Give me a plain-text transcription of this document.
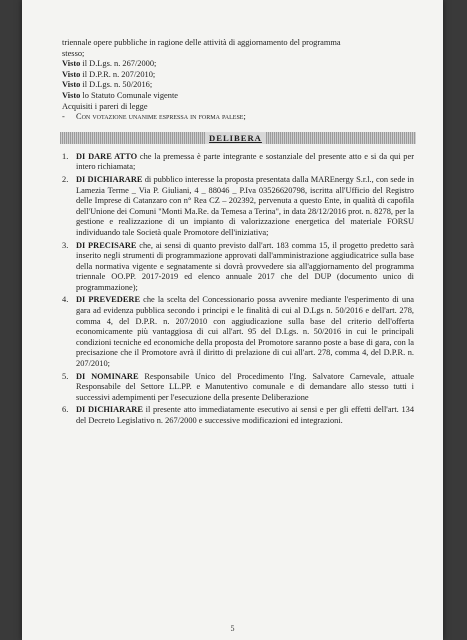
triennale opere pubbliche in ragione delle attività di aggiornamento del programma

stesso;

Visto il D.Lgs. n. 267/2000;

Visto il D.P.R. n. 207/2010;

Visto il D.Lgs. n. 50/2016;

Visto lo Statuto Comunale vigente

Acquisiti i pareri di legge

- Con votazione unanime espressa in forma palese;

DELIBERA
1. DI DARE ATTO che la premessa è parte integrante e sostanziale del presente atto e si da qui per intero richiamata;
2. DI DICHIARARE di pubblico interesse la proposta presentata dalla MAREnergy S.r.l., con sede in Lamezia Terme _ Via P. Giuliani, 4 _ 88046 _ P.Iva 03526620798, iscritta all'Ufficio del Registro delle Imprese di Catanzaro con n° Rea CZ – 202392, pervenuta a questo Ente, in qualità di capofila dell'Unione dei Comuni "Monti Ma.Re. da Temesa a Terina", in data 28/12/2016 prot. n. 8278, per la gestione e realizzazione di un impianto di valorizzazione energetica del materiale FORSU individuando tale Società quale Promotore dell'iniziativa;
3. DI PRECISARE che, ai sensi di quanto previsto dall'art. 183 comma 15, il progetto predetto sarà inserito negli strumenti di programmazione approvati dall'amministrazione aggiudicatrice sulla base della normativa vigente e segnatamente si dovrà provvedere sia all'aggiornamento del programma triennale OO.PP. 2017-2019 ed elenco annuale 2017 che del DUP (documento unico di programmazione);
4. DI PREVEDERE che la scelta del Concessionario possa avvenire mediante l'esperimento di una gara ad evidenza pubblica secondo i principi e le finalità di cui al D.Lgs n. 50/2016 e dell'art. 278, comma 4, del D.P.R. n. 207/2010 con aggiudicazione sulla base del criterio dell'offerta economicamente più vantaggiosa di cui all'art. 95 del D.Lgs. n. 50/2016 in cui le principali condizioni tecniche ed economiche della proposta del Promotore saranno poste a base di gara, con la precisazione che il Promotore avrà il diritto di prelazione di cui all'art. 278, comma 4, del D.P.R. n. 207/2010;
5. DI NOMINARE Responsabile Unico del Procedimento l'Ing. Salvatore Carnevale, attuale Responsabile del Settore LL.PP. e Manutentivo comunale e di demandare allo stesso tutti i successivi adempimenti per l'esecuzione della presente Deliberazione
6. DI DICHIARARE il presente atto immediatamente esecutivo ai sensi e per gli effetti dell'art. 134 del Decreto Legislativo n. 267/2000 e successive modificazioni ed integrazioni.
5
